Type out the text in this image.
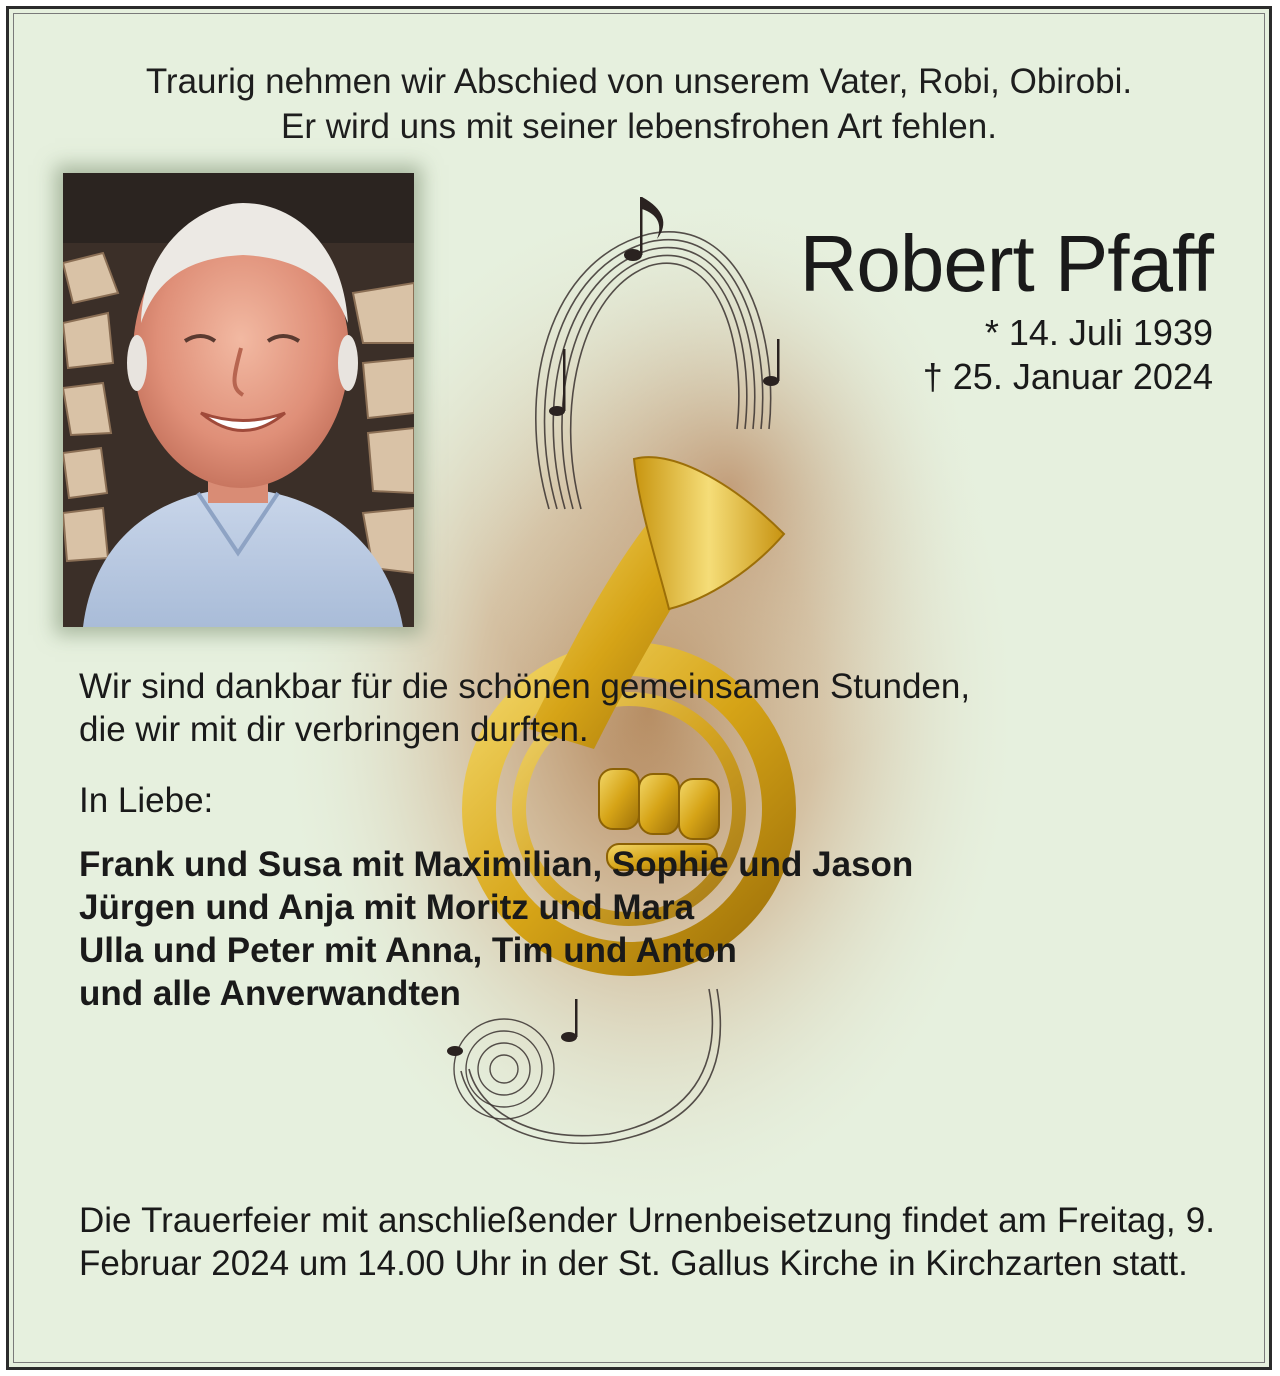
Traurig nehmen wir Abschied von unserem Vater, Robi, Obirobi.
Er wird uns mit seiner lebensfrohen Art fehlen.
Robert Pfaff
* 14. Juli 1939
† 25. Januar 2024
Wir sind dankbar für die schönen gemeinsamen Stunden,
die wir mit dir verbringen durften.
In Liebe:
Frank und Susa mit Maximilian, Sophie und Jason
Jürgen und Anja mit Moritz und Mara
Ulla und Peter mit Anna, Tim und Anton
und alle Anverwandten
Die Trauerfeier mit anschließender Urnenbeisetzung findet am Freitag, 9. Februar 2024 um 14.00 Uhr in der St. Gallus Kirche in Kirchzarten statt.
